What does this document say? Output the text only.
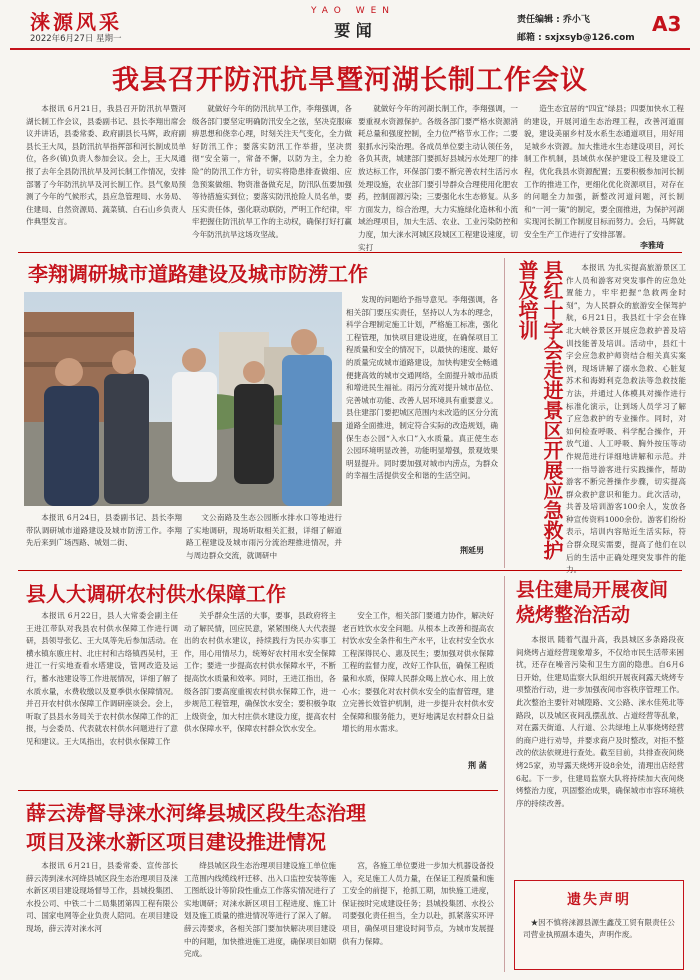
涞源风采
2022年6月27日 星期一
YAO WEN
要 闻
责任编辑 : 乔小飞
邮箱 : sxjxsyb@126.com
A3
我县召开防汛抗旱暨河湖长制工作会议

本报讯 6月21日，我县召开防汛抗旱暨河湖长制工作会议，县委副书记、县长李翔出席会议并讲话，县委常委、政府副县长马辉，政府副县长王大凤，县防汛抗旱指挥部和河长制成员单位，各乡(镇)负责人参加会议。会上，王大凤通报了去年全县防汛抗旱及河长制工作情况，安排部署了今年防汛抗旱及河长制工作。县气象局预测了今年的气候形式，县应急管理局、水务局、住建局、自然资源局、蔬菜镇、白石山乡负责人作典型发言。

就做好今年的防汛抗旱工作，李翔强调，各级各部门要坚定明确防汛安全之弦，坚决克服麻痹思想和侥幸心理，时刻关注天气变化，全力做好防汛工作；要落实防汛工作举措，坚决贯彻“安全第一，常备不懈，以防为主，全力抢险”的防汛工作方针，切实将隐患排查做细、应急预案做细、物资准备做充足，防汛队伍要加强等待措施实到位；要落实防汛抢险人员名单，要压实责任体，强化联动联防，严明工作纪律，牢牢把握住防汛抗旱工作的主动权，确保打好打赢今年防汛抗旱这场攻坚战。

就做好今年的河湖长制工作，李翔强调，一要重视水资源保护。各级各部门要严格水资源消耗总量和强度控制，全力位严格节水工作；二要狠抓水污染治理。各成员单位要主动认领任务，各负其责，城建部门要抓好县城污水处理厂的排放达标工作，环保部门要不断完善农村生活污水处理设施，农业部门要引导群众合理使用化肥农药，控制面源污染；三要强化水生态修复。从多方面发力，综合治理，大力实施绿化造林和小流域治理项目，加大生活、农业、工业污染防控和力度，加大涞水河城区段城区工程建设速度，切实打

造生态宜居的“四宜”绿县；四要加快水工程的建设，开展河道生态治理工程，改善河道面貌，建设美丽乡村及水系生态通道项目，用好用足城乡水资源。加大推进水生态建设项目，河长制工作机制，县域供水保护建设工程及建设工程，优化我县水资源配置；五要积极参加河长制工作的推进工作，更细化优化资源项目，对存在的问题全力加强，新整改河道问题，河长制和“一河一策”的制定，要全面推进，为保护河湖实现河长制工作制度目标而努力。会后，马辉就安全生产工作进行了安排部署。

李雅琦
李翔调研城市道路建设及城市防涝工作

发现的问题给予指导意见。李翔强调，各相关部门要压实责任，坚持以人为本的理念，科学合理制定施工计划，严格施工标准，强化工程管理，加快项目建设进度，在确保项目工程质量和安全的情况下，以最快的速度、最好的质量完成城市道路建设，加快构建安全畅通便捷高效的城市交通网络，全面提升城市品质和增进民生福祉。雨污分流对提升城市品位、完善城市功能、改善人居环境具有重要意义。县住建部门要把城区范围内未改造的区分分流道路全面推进，制定符合实际的改造规划，确保生态公园“入水口”入水质量。真正使生态公园环境明显改善，功能明显增强，景观效果明显提升。同时要加强对城市内涝点，为群众的幸福生活提供安全和谐的生活空间。

荆延男

本报讯 6月24日，县委副书记、县长李翔带队调研城市道路建设及城市防涝工作。李翔先后来到广场西路、城划二街、

文公南路及生态公园断水排水口等地进行了实地调研，现场听取相关汇报，详细了解道路工程建设及城市雨污分流治理推进情况，并与周边群众交流，就调研中	县红十字会走进景区开展应急救护普及培训	本报讯 为扎实提高旅游景区工作人员和游客对突发事件的应急处置能力，牢牢把握“急救两金时刻”，为人民群众的旅游安全保驾护航，6月21日，我县红十字会在锋北大峡谷景区开展应急救护普及培训技能普及培训。活动中，县红十字会应急救护师资结合相关真实案例，现场讲解了溺水急救、心脏复苏术和海姆利克急救法等急救技能方法，并通过人体模具对操作进行标准化演示，让到场人员学习了解了应急救护的专业操作。同时，对如何检查呼吸、科学配合操作，开放气道、人工呼吸、胸外按压等动作规范进行详细地讲解和示范。并一一指导游客进行实践操作，帮助游客不断完善操作步骤，切实提高群众救护意识和能力。此次活动，共普及培训游客100余人，发放各种宣传资料1000余份。游客们纷纷表示，培训内容贴近生活实际，符合群众现实需要，提高了他们在以后的生活中正确处理突发事件的能

县人大调研农村供水保障工作

本报讯 6月22日，县人大常委会副主任王进江带队对我县农村供水保障工作进行调研，县领导张亿、王大凤等先后参加活动。在横水镇东廒庄村、北庄村和古络镇西吴村，王进江一行实地查看水塔建设，管网改造及运行，蓄水池建设等工作进展情况，详细了解了水质水量，水费收缴以及夏季供水保障情况。并召开农村供水保障工作调研座谈会。会上，听取了县县水务局关于农村供水保障工作的汇报，与会委员、代表就农村供水问题进行了意见和建议。王大凤指出，农村供水保障工作

关乎群众生活的大事，要事，县政府将主动了解民情，回应民意，紧紧围绕人大代表提出的农村供水建议，持续践行为民办实事工作，用心用情尽力，统筹好农村用水安全保障工作；要进一步提高农村供水保障水平，不断提高饮水质量和效率。同时，王进江指出，各级各部门要高度重视农村供水保障工作，进一步规范工程管理，确保饮水安全；要积极争取上级资金，加大村庄供水建设力度，提高农村供水保障水平，保障农村群众饮水安全。

安全工作，相关部门要通力协作，解决好老百姓饮水安全问题。从根本上改善和提高农村饮水安全条件和生产水平，让农村安全饮水工程深得民心、惠及民生；要加强对供水保障工程的监督力度，改好工作队伍，确保工程质量和水质，保障人民群众喝上放心水、用上放心水；要强化对农村供水安全的监督管理，建立完善长效管护机制，进一步提升农村供水安全保障和服务能力，更好地满足农村群众日益增长的用水需求。

荆 菡
县住建局开展夜间烧烤整治活动

本报讯 随着气温升高，我县城区多条路段夜间烧烤占道经营现象增多，不仅给市民生活带来困扰，还存在噪音污染和卫生方面的隐患。自6月6日开始，住建局监察大队组织开展夜间露天烧烤专项整治行动，进一步加强夜间市容秩序管理工作。此次整治主要针对城隍路、文公路、涞水佳苑北等路段，以及城区夜间乱摆乱放、占道经营等乱象，对在露天街道、人行道、公共绿地上从事烧烤经营的商户进行劝导，并要求商户及时整改，对拒不整改的依法依规进行查处。截至目前，共排查夜间烧烤25家，劝导露天烧烤开设8余处，清理出店经营6起。下一步，住建局监察大队将持续加大夜间烧烤整治力度，巩固整治成果，确保城市市容环境秩序的持续改善。

遗失声明
★因不慎将涞源县源生鑫茂工贸有限责任公司营业执照副本遗失，声明作废。
薛云涛督导涞水河绛县城区段生态治理
项目及涞水新区项目建设推进情况

本报讯 6月21日，县委常委、宣传部长薛云涛到涞水河绛县城区段生态治理项目及涞水新区项目建设现场督导工作，县城投集团、水投公司、中铁二十二局集团第四工程有限公司、国家电网等企业负责人陪同。在项目建设现场，薛云涛对涞水河

绛县城区段生态治理项目建设施工单位施工范围内线缆线杆迁移、出入口监控安装等施工图纸设计等阶段性重点工作落实情况进行了实地调研；对涞水新区项目工程进度、施工计划及施工质量的推进情况等进行了深入了解。薛云涛要求，各相关部门要加快解决项目建设中的问题，加快推进施工进度，确保项目如期完成。

宫，各施工单位要进一步加大机器设备投入，充足施工人员力量，在保证工程质量和施工安全的前提下，抢抓工期，加快施工进度，保证按时完成建设任务；县城投集团、水投公司要强化责任担当，全力以赴，抓紧落实环评项目，确保项目建设时间节点，为城市发展提供有力保障。
